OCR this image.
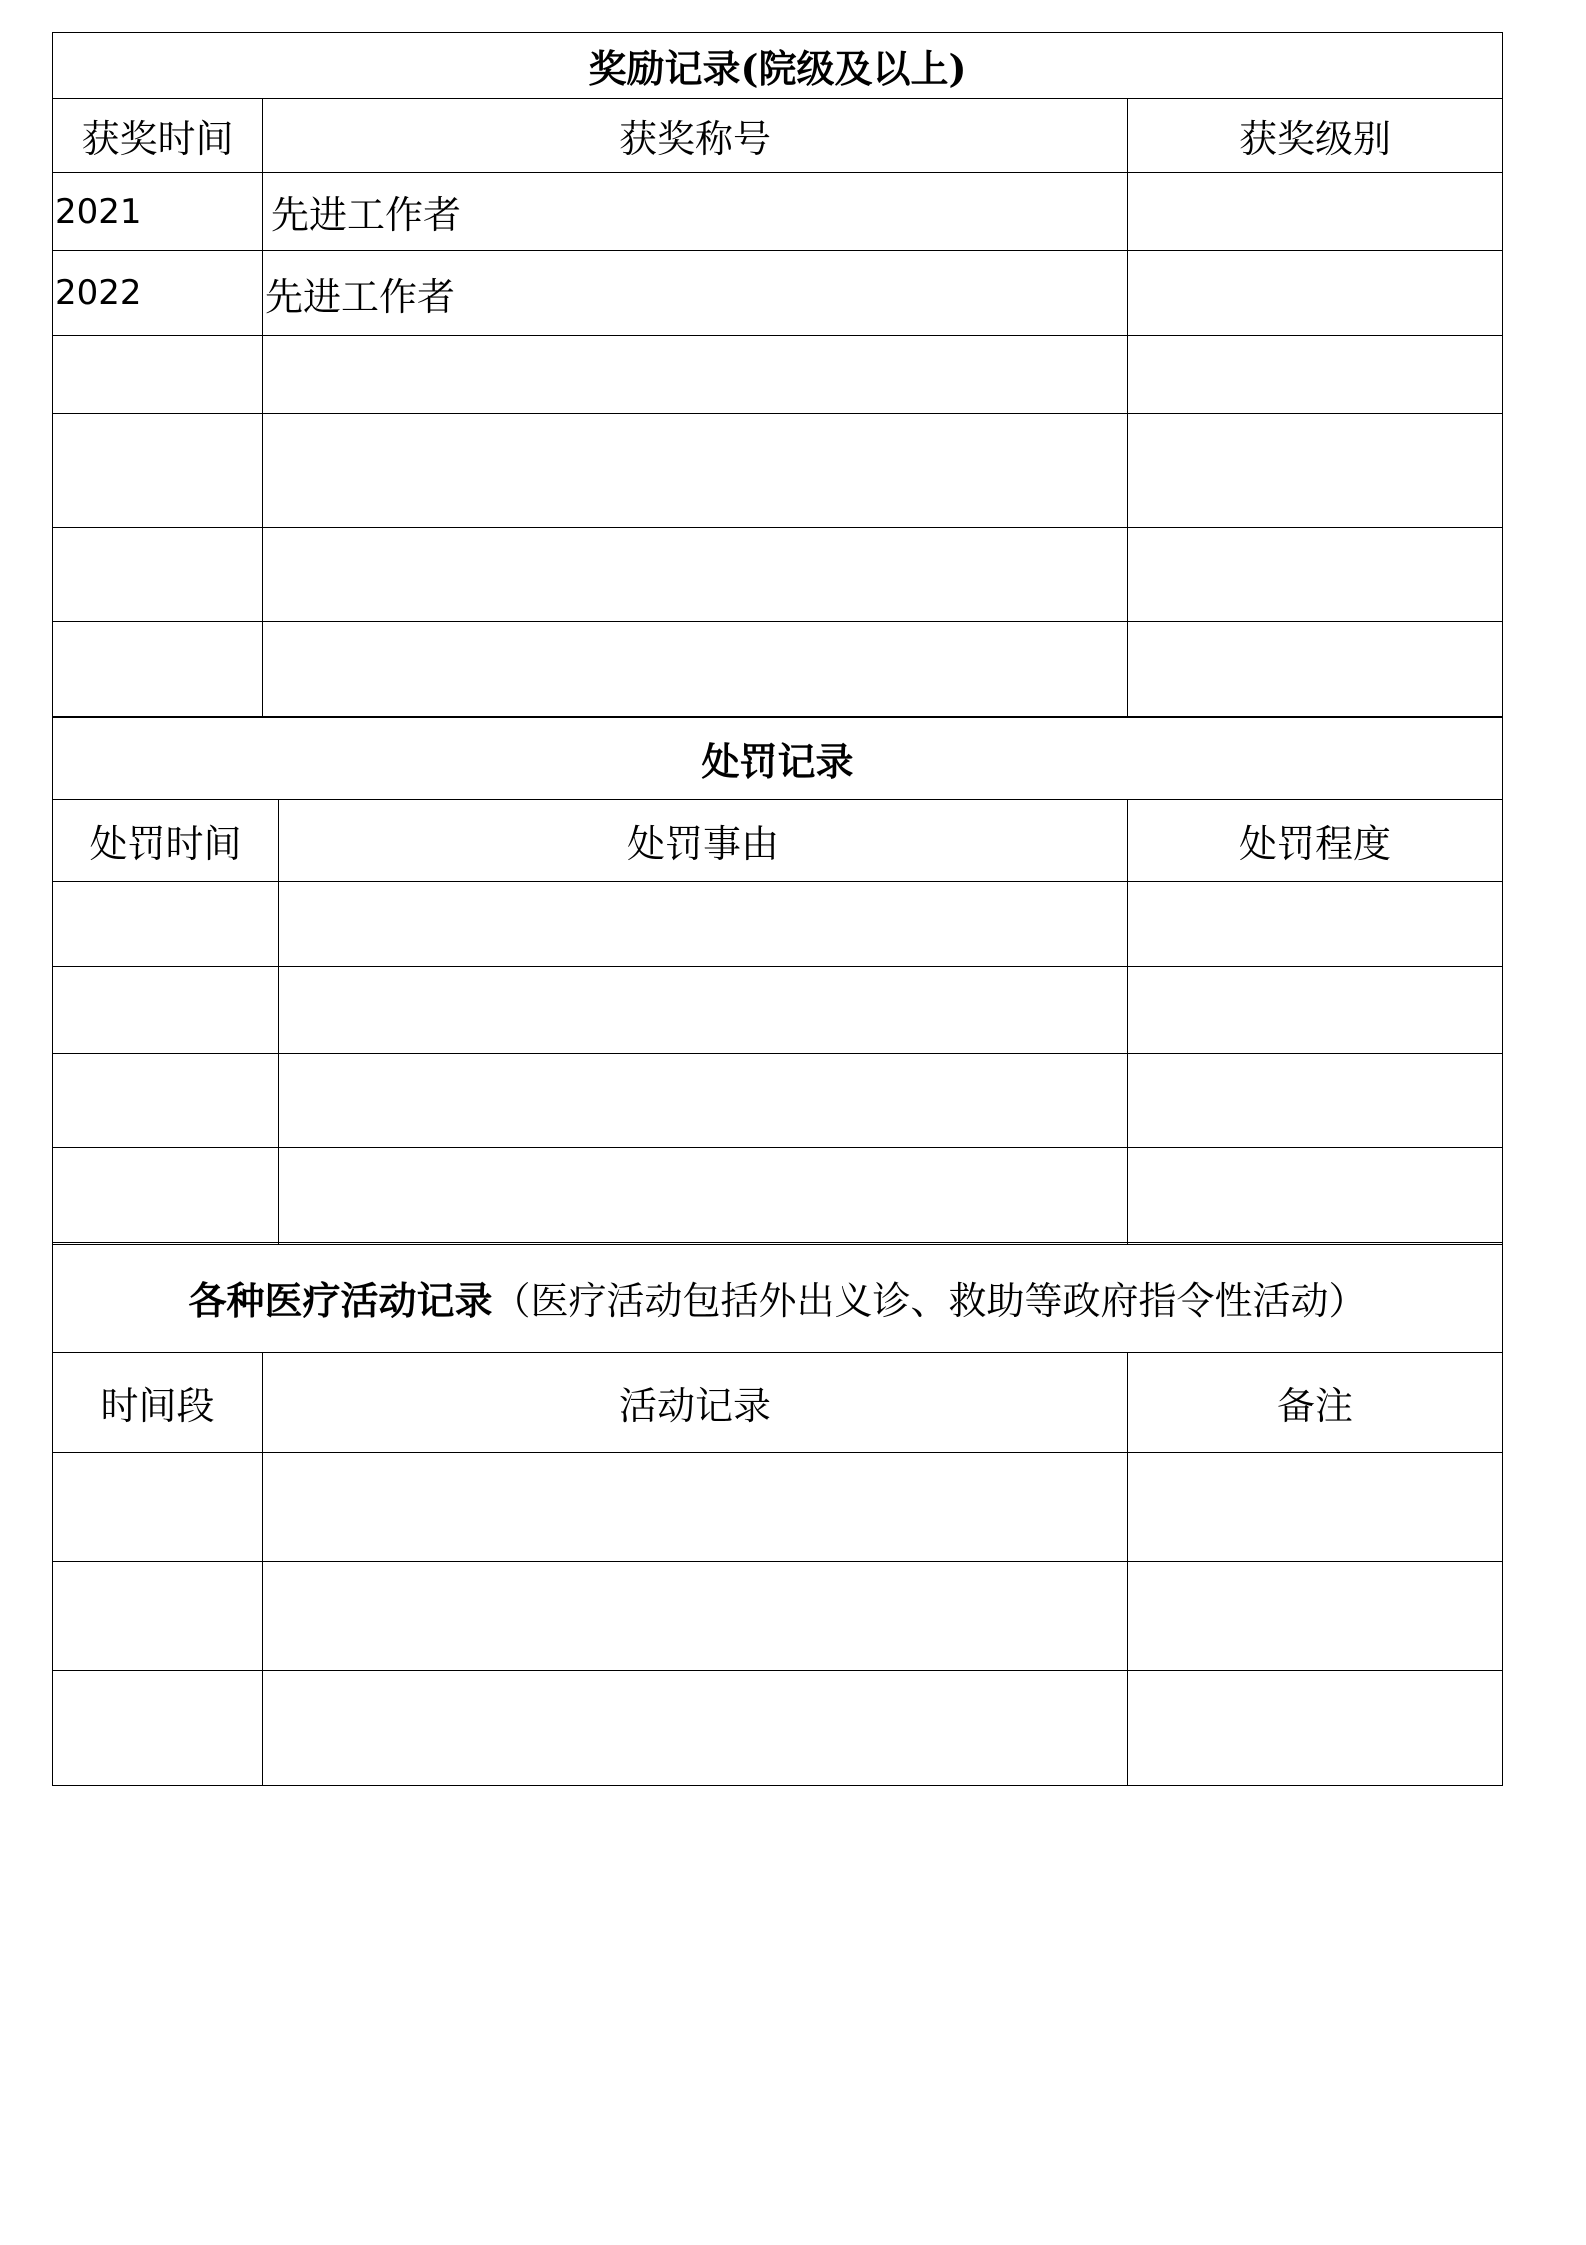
奖励记录(院级及以上)		
获奖时间	获奖称号	获奖级别
2021	先进工作者	
2022	先进工作者	

处罚记录		
处罚时间	处罚事由	处罚程度

各种医疗活动记录（医疗活动包括外出义诊、救助等政府指令性活动）		
时间段	活动记录	备注
